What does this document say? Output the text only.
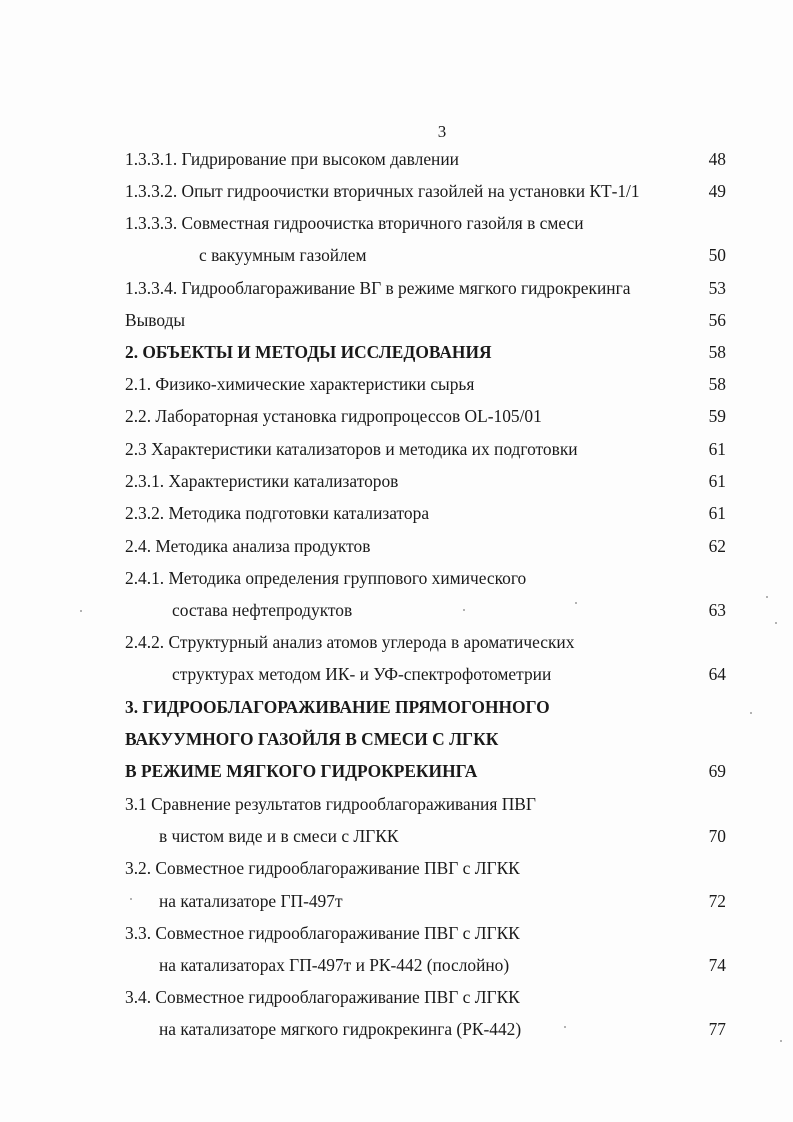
3
1.3.3.1. Гидрирование при высоком давлении	48
1.3.3.2. Опыт гидроочистки вторичных газойлей на установки КТ-1/1	49
1.3.3.3. Совместная гидроочистка вторичного газойля в смеси
с вакуумным газойлем	50
1.3.3.4. Гидрооблагораживание ВГ в режиме мягкого гидрокрекинга	53
Выводы	56
2. ОБЪЕКТЫ И МЕТОДЫ ИССЛЕДОВАНИЯ	58
2.1. Физико-химические характеристики сырья	58
2.2. Лабораторная установка гидропроцессов OL-105/01	59
2.3 Характеристики катализаторов и методика их подготовки	61
2.3.1. Характеристики катализаторов	61
2.3.2. Методика подготовки катализатора	61
2.4. Методика анализа продуктов	62
2.4.1. Методика определения группового химического
состава нефтепродуктов	63
2.4.2. Структурный анализ атомов углерода в ароматических
структурах методом ИК- и УФ-спектрофотометрии	64
3. ГИДРООБЛАГОРАЖИВАНИЕ ПРЯМОГОННОГО
ВАКУУМНОГО ГАЗОЙЛЯ В СМЕСИ С ЛГКК
В РЕЖИМЕ МЯГКОГО ГИДРОКРЕКИНГА	69
3.1 Сравнение результатов гидрооблагораживания ПВГ
в чистом виде и в смеси с ЛГКК	70
3.2. Совместное гидрооблагораживание ПВГ с ЛГКК
на катализаторе ГП-497т	72
3.3. Совместное гидрооблагораживание ПВГ с ЛГКК
на катализаторах ГП-497т и РК-442 (послойно)	74
3.4. Совместное гидрооблагораживание ПВГ с ЛГКК
на катализаторе мягкого гидрокрекинга (РК-442)	77
